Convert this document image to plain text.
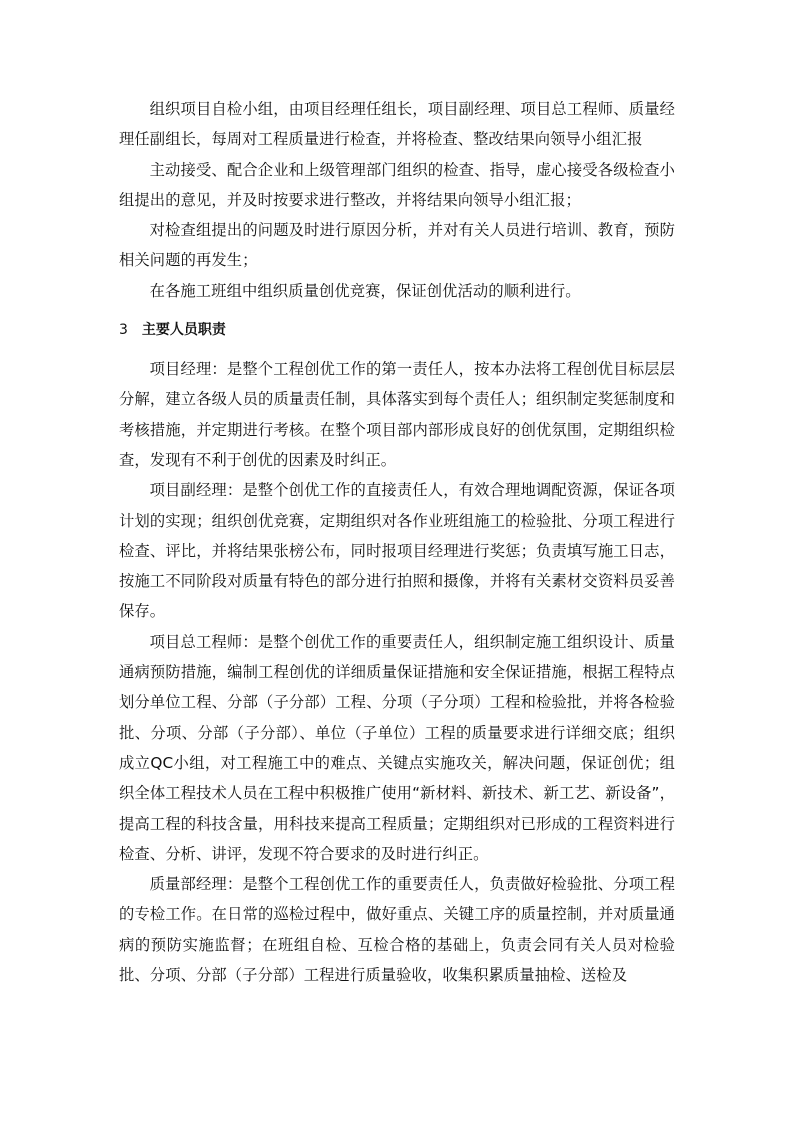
组织项目自检小组，由项目经理任组长，项目副经理、项目总工程师、质量经理任副组长，每周对工程质量进行检查，并将检查、整改结果向领导小组汇报

主动接受、配合企业和上级管理部门组织的检查、指导，虚心接受各级检查小组提出的意见，并及时按要求进行整改，并将结果向领导小组汇报；

对检查组提出的问题及时进行原因分析，并对有关人员进行培训、教育，预防相关问题的再发生；

在各施工班组中组织质量创优竞赛，保证创优活动的顺利进行。

3 主要人员职责

项目经理：是整个工程创优工作的第一责任人，按本办法将工程创优目标层层分解，建立各级人员的质量责任制，具体落实到每个责任人；组织制定奖惩制度和考核措施，并定期进行考核。在整个项目部内部形成良好的创优氛围，定期组织检查，发现有不利于创优的因素及时纠正。

项目副经理：是整个创优工作的直接责任人，有效合理地调配资源，保证各项计划的实现；组织创优竞赛，定期组织对各作业班组施工的检验批、分项工程进行检查、评比，并将结果张榜公布，同时报项目经理进行奖惩；负责填写施工日志，按施工不同阶段对质量有特色的部分进行拍照和摄像，并将有关素材交资料员妥善保存。

项目总工程师：是整个创优工作的重要责任人，组织制定施工组织设计、质量通病预防措施，编制工程创优的详细质量保证措施和安全保证措施，根据工程特点划分单位工程、分部（子分部）工程、分项（子分项）工程和检验批，并将各检验批、分项、分部（子分部）、单位（子单位）工程的质量要求进行详细交底；组织成立QC小组，对工程施工中的难点、关键点实施攻关，解决问题，保证创优；组织全体工程技术人员在工程中积极推广使用“新材料、新技术、新工艺、新设备”，提高工程的科技含量，用科技来提高工程质量；定期组织对已形成的工程资料进行检查、分析、讲评，发现不符合要求的及时进行纠正。

质量部经理：是整个工程创优工作的重要责任人，负责做好检验批、分项工程的专检工作。在日常的巡检过程中，做好重点、关键工序的质量控制，并对质量通病的预防实施监督；在班组自检、互检合格的基础上，负责会同有关人员对检验批、分项、分部（子分部）工程进行质量验收，收集积累质量抽检、送检及
